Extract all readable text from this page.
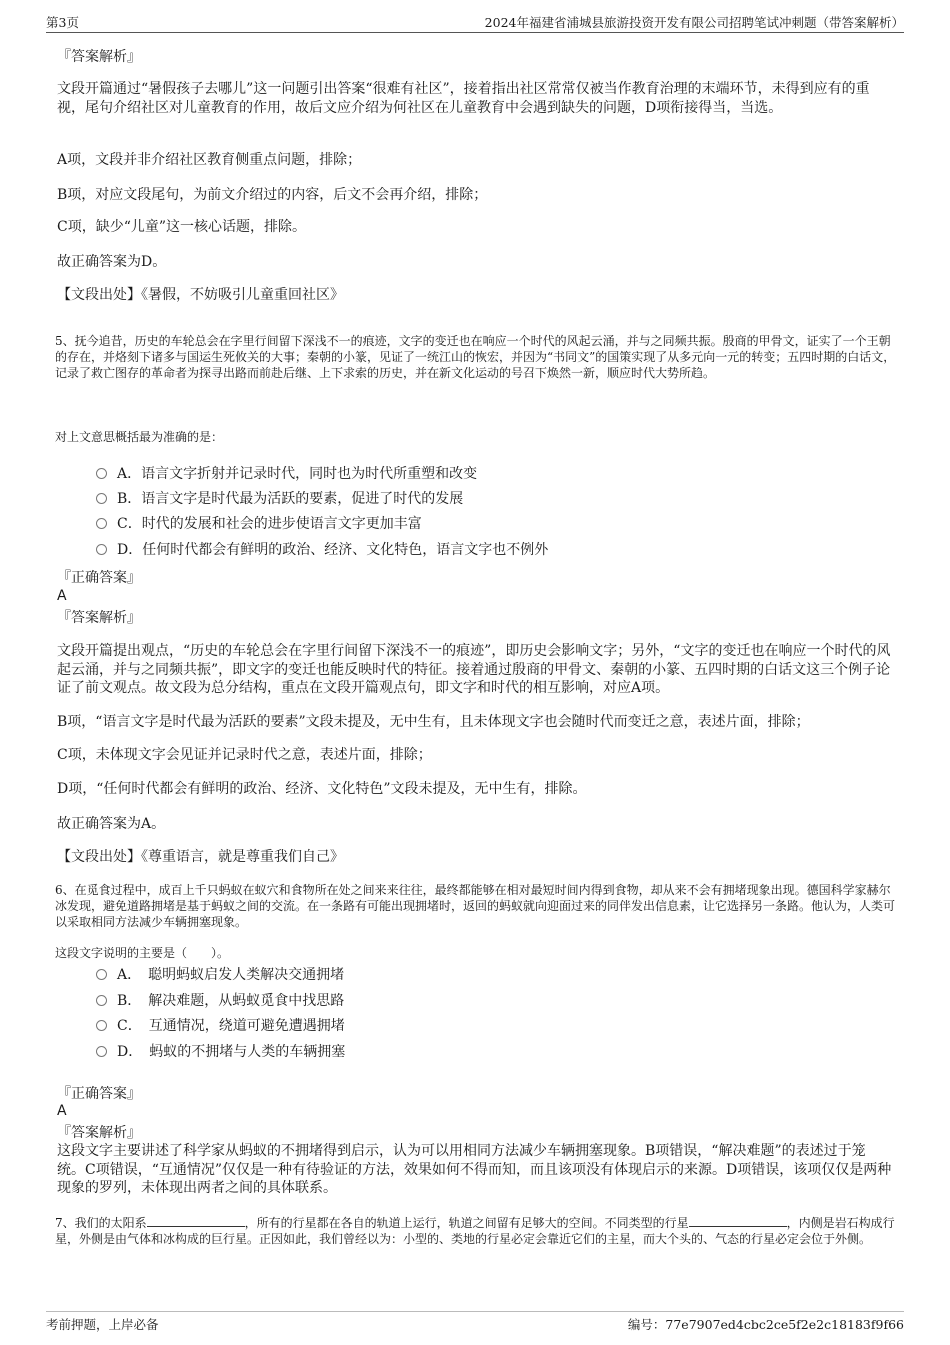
第3页	2024年福建省浦城县旅游投资开发有限公司招聘笔试冲刺题（带答案解析）
『答案解析』

文段开篇通过“暑假孩子去哪儿”这一问题引出答案“很难有社区”，接着指出社区常常仅被当作教育治理的末端环节，未得到应有的重视，尾句介绍社区对儿童教育的作用，故后文应介绍为何社区在儿童教育中会遇到缺失的问题，D项衔接得当，当选。

A项，文段并非介绍社区教育侧重点问题，排除；

B项，对应文段尾句，为前文介绍过的内容，后文不会再介绍，排除；

C项，缺少“儿童”这一核心话题，排除。

故正确答案为D。

【文段出处】《暑假，不妨吸引儿童重回社区》

5、抚今追昔，历史的车轮总会在字里行间留下深浅不一的痕迹，文字的变迁也在响应一个时代的风起云涌，并与之同频共振。殷商的甲骨文，证实了一个王朝的存在，并烙刻下诸多与国运生死攸关的大事；秦朝的小篆，见证了一统江山的恢宏，并因为“书同文”的国策实现了从多元向一元的转变；五四时期的白话文，记录了救亡图存的革命者为探寻出路而前赴后继、上下求索的历史，并在新文化运动的号召下焕然一新，顺应时代大势所趋。

对上文意思概括最为准确的是：

A．语言文字折射并记录时代，同时也为时代所重塑和改变
B．语言文字是时代最为活跃的要素，促进了时代的发展
C．时代的发展和社会的进步使语言文字更加丰富
D．任何时代都会有鲜明的政治、经济、文化特色，语言文字也不例外
『正确答案』
A
『答案解析』

文段开篇提出观点，“历史的车轮总会在字里行间留下深浅不一的痕迹”，即历史会影响文字；另外，“文字的变迁也在响应一个时代的风起云涌，并与之同频共振”，即文字的变迁也能反映时代的特征。接着通过殷商的甲骨文、秦朝的小篆、五四时期的白话文这三个例子论证了前文观点。故文段为总分结构，重点在文段开篇观点句，即文字和时代的相互影响，对应A项。

B项，“语言文字是时代最为活跃的要素”文段未提及，无中生有，且未体现文字也会随时代而变迁之意，表述片面，排除；

C项，未体现文字会见证并记录时代之意，表述片面，排除；

D项，“任何时代都会有鲜明的政治、经济、文化特色”文段未提及，无中生有，排除。

故正确答案为A。

【文段出处】《尊重语言，就是尊重我们自己》

6、在觅食过程中，成百上千只蚂蚁在蚁穴和食物所在处之间来来往往，最终都能够在相对最短时间内得到食物，却从来不会有拥堵现象出现。德国科学家赫尔冰发现，避免道路拥堵是基于蚂蚁之间的交流。在一条路有可能出现拥堵时，返回的蚂蚁就向迎面过来的同伴发出信息素，让它选择另一条路。他认为，人类可以采取相同方法减少车辆拥塞现象。

这段文字说明的主要是（　　）。

A．　聪明蚂蚁启发人类解决交通拥堵
B．　解决难题，从蚂蚁觅食中找思路
C．　互通情况，绕道可避免遭遇拥堵
D．　蚂蚁的不拥堵与人类的车辆拥塞
『正确答案』
A
『答案解析』

这段文字主要讲述了科学家从蚂蚁的不拥堵得到启示，认为可以用相同方法减少车辆拥塞现象。B项错误，“解决难题”的表述过于笼统。C项错误，“互通情况”仅仅是一种有待验证的方法，效果如何不得而知，而且该项没有体现启示的来源。D项错误，该项仅仅是两种现象的罗列，未体现出两者之间的具体联系。

7、我们的太阳系	，所有的行星都在各自的轨道上运行，轨道之间留有足够大的空间。不同类型的行星	，内侧是岩石构成行星，外侧是由气体和冰构成的巨行星。正因如此，我们曾经以为：小型的、类地的行星必定会靠近它们的主星，而大个头的、气态的行星必定会位于外侧。

考前押题，上岸必备	编号：77e7907ed4cbc2ce5f2e2c18183f9f66
